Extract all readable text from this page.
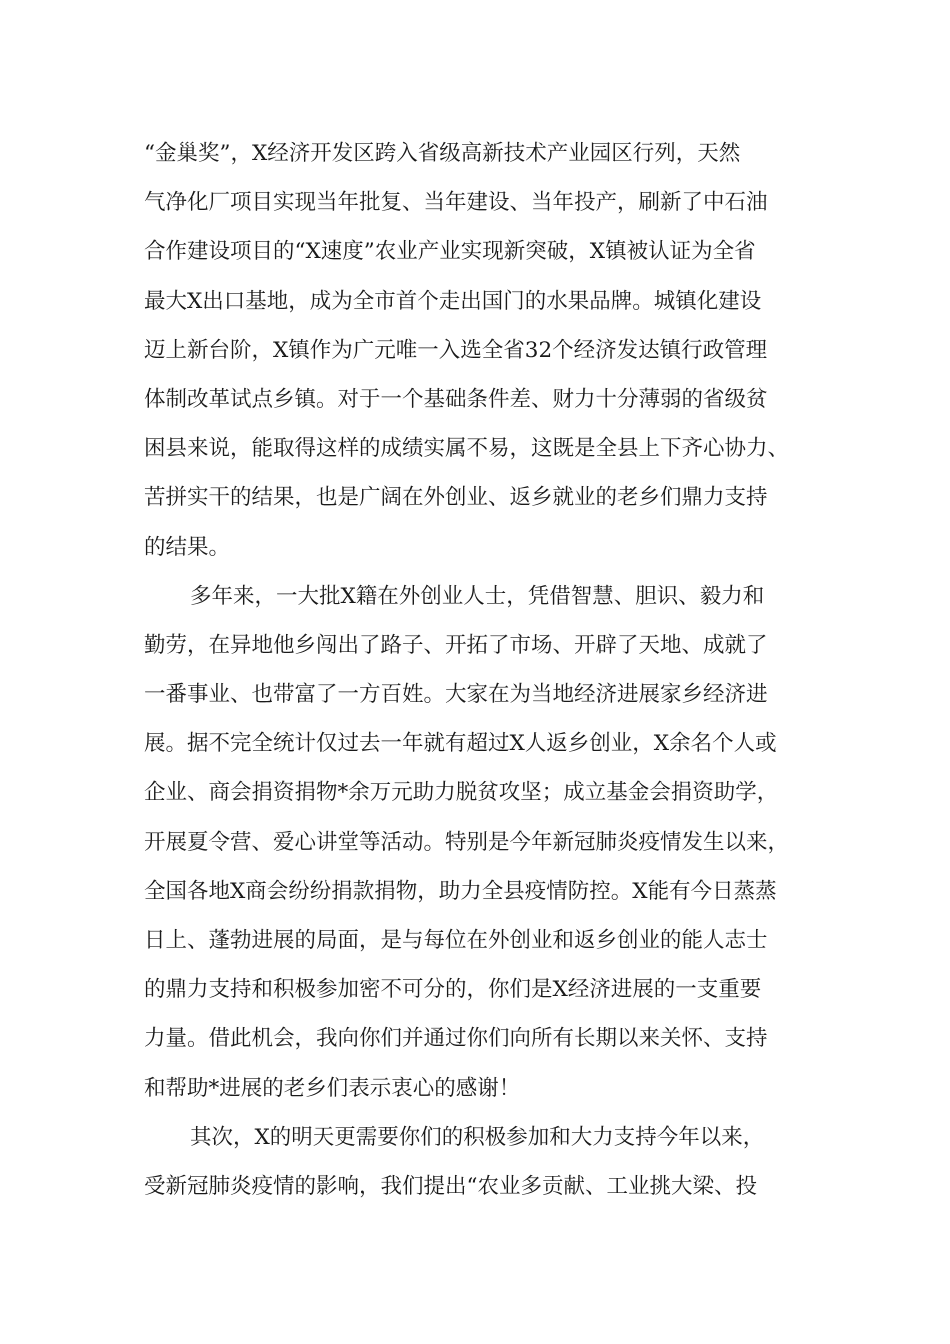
“金巢奖”，X经济开发区跨入省级高新技术产业园区行列，天然
气净化厂项目实现当年批复、当年建设、当年投产，刷新了中石油
合作建设项目的“X速度”农业产业实现新突破，X镇被认证为全省
最大X出口基地，成为全市首个走出国门的水果品牌。城镇化建设
迈上新台阶，X镇作为广元唯一入选全省32个经济发达镇行政管理
体制改革试点乡镇。对于一个基础条件差、财力十分薄弱的省级贫
困县来说，能取得这样的成绩实属不易，这既是全县上下齐心协力、
苦拼实干的结果，也是广阔在外创业、返乡就业的老乡们鼎力支持
的结果。
多年来，一大批X籍在外创业人士，凭借智慧、胆识、毅力和
勤劳，在异地他乡闯出了路子、开拓了市场、开辟了天地、成就了
一番事业、也带富了一方百姓。大家在为当地经济进展家乡经济进
展。据不完全统计仅过去一年就有超过X人返乡创业，X余名个人或
企业、商会捐资捐物*余万元助力脱贫攻坚；成立基金会捐资助学，
开展夏令营、爱心讲堂等活动。特别是今年新冠肺炎疫情发生以来，
全国各地X商会纷纷捐款捐物，助力全县疫情防控。X能有今日蒸蒸
日上、蓬勃进展的局面，是与每位在外创业和返乡创业的能人志士
的鼎力支持和积极参加密不可分的，你们是X经济进展的一支重要
力量。借此机会，我向你们并通过你们向所有长期以来关怀、支持
和帮助*进展的老乡们表示衷心的感谢！
其次，X的明天更需要你们的积极参加和大力支持今年以来，
受新冠肺炎疫情的影响，我们提出“农业多贡献、工业挑大梁、投
